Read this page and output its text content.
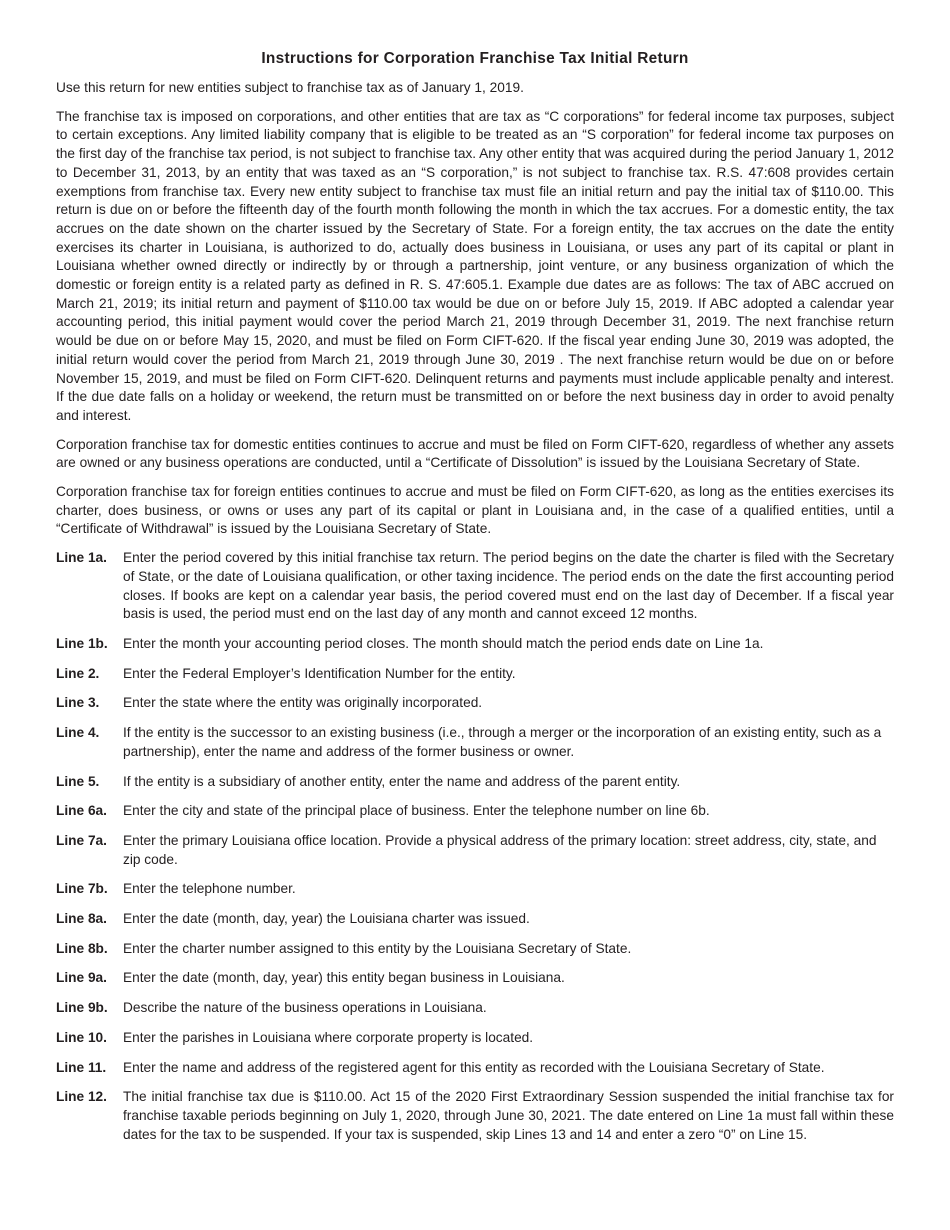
Instructions for Corporation Franchise Tax Initial Return

Use this return for new entities subject to franchise tax as of January 1, 2019.

The franchise tax is imposed on corporations, and other entities that are tax as “C corporations” for federal income tax purposes, subject to certain exceptions. Any limited liability company that is eligible to be treated as an “S corporation” for federal income tax purposes on the first day of the franchise tax period, is not subject to franchise tax. Any other entity that was acquired during the period January 1, 2012 to December 31, 2013, by an entity that was taxed as an “S corporation,” is not subject to franchise tax. R.S. 47:608 provides certain exemptions from franchise tax. Every new entity subject to franchise tax must file an initial return and pay the initial tax of $110.00. This return is due on or before the fifteenth day of the fourth month following the month in which the tax accrues. For a domestic entity, the tax accrues on the date shown on the charter issued by the Secretary of State. For a foreign entity, the tax accrues on the date the entity exercises its charter in Louisiana, is authorized to do, actually does business in Louisiana, or uses any part of its capital or plant in Louisiana whether owned directly or indirectly by or through a partnership, joint venture, or any business organization of which the domestic or foreign entity is a related party as defined in R. S. 47:605.1. Example due dates are as follows: The tax of ABC accrued on March 21, 2019; its initial return and payment of $110.00 tax would be due on or before July 15, 2019. If ABC adopted a calendar year accounting period, this initial payment would cover the period March 21, 2019 through December 31, 2019. The next franchise return would be due on or before May 15, 2020, and must be filed on Form CIFT-620. If the fiscal year ending June 30, 2019 was adopted, the initial return would cover the period from March 21, 2019 through June 30, 2019 . The next franchise return would be due on or before November 15, 2019, and must be filed on Form CIFT-620. Delinquent returns and payments must include applicable penalty and interest. If the due date falls on a holiday or weekend, the return must be transmitted on or before the next business day in order to avoid penalty and interest.

Corporation franchise tax for domestic entities continues to accrue and must be filed on Form CIFT-620, regardless of whether any assets are owned or any business operations are conducted, until a “Certificate of Dissolution” is issued by the Louisiana Secretary of State.

Corporation franchise tax for foreign entities continues to accrue and must be filed on Form CIFT-620, as long as the entities exercises its charter, does business, or owns or uses any part of its capital or plant in Louisiana and, in the case of a qualified entities, until a “Certificate of Withdrawal” is issued by the Louisiana Secretary of State.

Line 1a.	Enter the period covered by this initial franchise tax return. The period begins on the date the charter is filed with the Secretary of State, or the date of Louisiana qualification, or other taxing incidence. The period ends on the date the first accounting period closes. If books are kept on a calendar year basis, the period covered must end on the last day of December. If a fiscal year basis is used, the period must end on the last day of any month and cannot exceed 12 months.
Line 1b.	Enter the month your accounting period closes. The month should match the period ends date on Line 1a.
Line 2.	Enter the Federal Employer’s Identification Number for the entity.
Line 3.	Enter the state where the entity was originally incorporated.
Line 4.	If the entity is the successor to an existing business (i.e., through a merger or the incorporation of an existing entity, such as a partnership), enter the name and address of the former business or owner.
Line 5.	If the entity is a subsidiary of another entity, enter the name and address of the parent entity.
Line 6a.	Enter the city and state of the principal place of business. Enter the telephone number on line 6b.
Line 7a.	Enter the primary Louisiana office location. Provide a physical address of the primary location: street address, city, state, and zip code.
Line 7b.	Enter the telephone number.
Line 8a.	Enter the date (month, day, year) the Louisiana charter was issued.
Line 8b.	Enter the charter number assigned to this entity by the Louisiana Secretary of State.
Line 9a.	Enter the date (month, day, year) this entity began business in Louisiana.
Line 9b.	Describe the nature of the business operations in Louisiana.
Line 10.	Enter the parishes in Louisiana where corporate property is located.
Line 11.	Enter the name and address of the registered agent for this entity as recorded with the Louisiana Secretary of State.
Line 12.	The initial franchise tax due is $110.00. Act 15 of the 2020 First Extraordinary Session suspended the initial franchise tax for franchise taxable periods beginning on July 1, 2020, through June 30, 2021. The date entered on Line 1a must fall within these dates for the tax to be suspended. If your tax is suspended, skip Lines 13 and 14 and enter a zero “0” on Line 15.
